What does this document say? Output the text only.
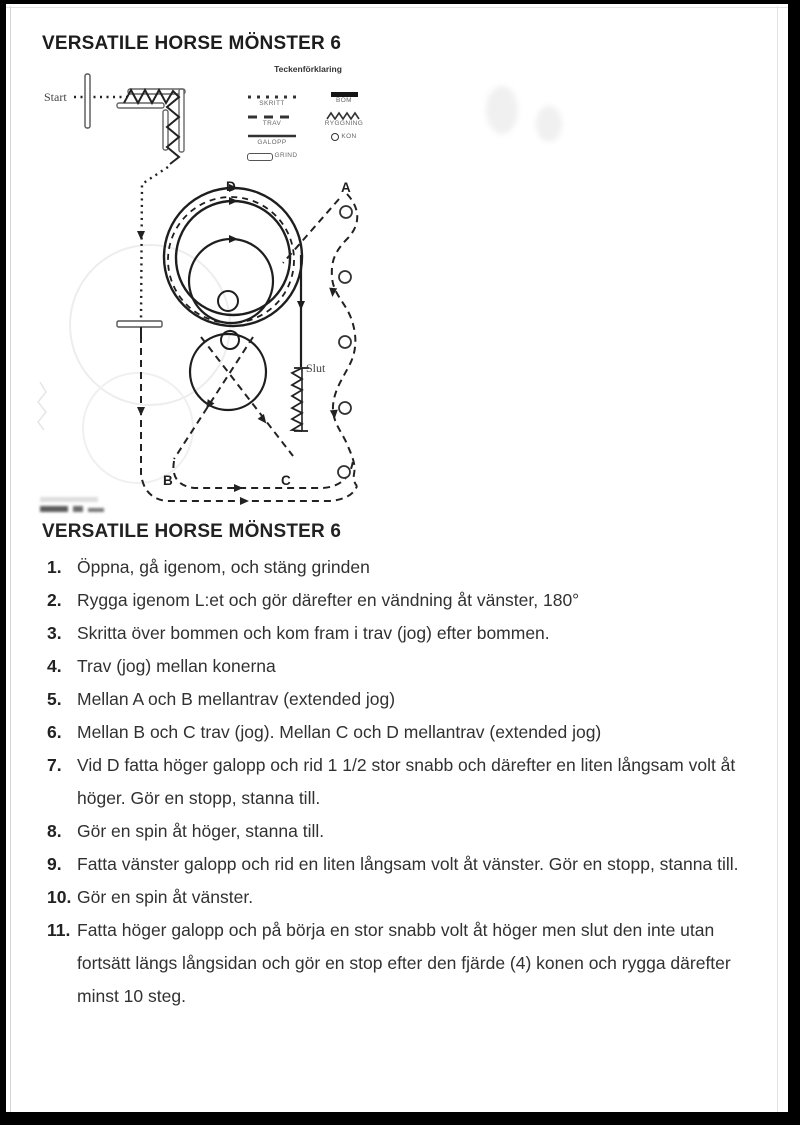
VERSATILE HORSE MÖNSTER 6
Start
Slut
D	A
B	C
Teckenförklaring
SKRITT
TRAV
GALOPP
GRIND
BOM
RYGGNING
KON
VERSATILE HORSE MÖNSTER 6
1. Öppna, gå igenom, och stäng grinden
2. Rygga igenom L:et och gör därefter en vändning åt vänster, 180°
3. Skritta över bommen och kom fram i trav (jog) efter bommen.
4. Trav (jog) mellan konerna
5. Mellan A och B mellantrav (extended jog)
6. Mellan B och C trav (jog). Mellan C och D mellantrav (extended jog)
7. Vid D fatta höger galopp och rid 1 1/2 stor snabb och därefter en liten långsam volt åt höger. Gör en stopp, stanna till.
8. Gör en spin åt höger, stanna till.
9. Fatta vänster galopp och rid en liten långsam volt åt vänster. Gör en stopp, stanna till.
10. Gör en spin åt vänster.
11. Fatta höger galopp och på börja en stor snabb volt åt höger men slut den inte utan fortsätt längs långsidan och gör en stop efter den fjärde (4) konen och rygga därefter minst 10 steg.
